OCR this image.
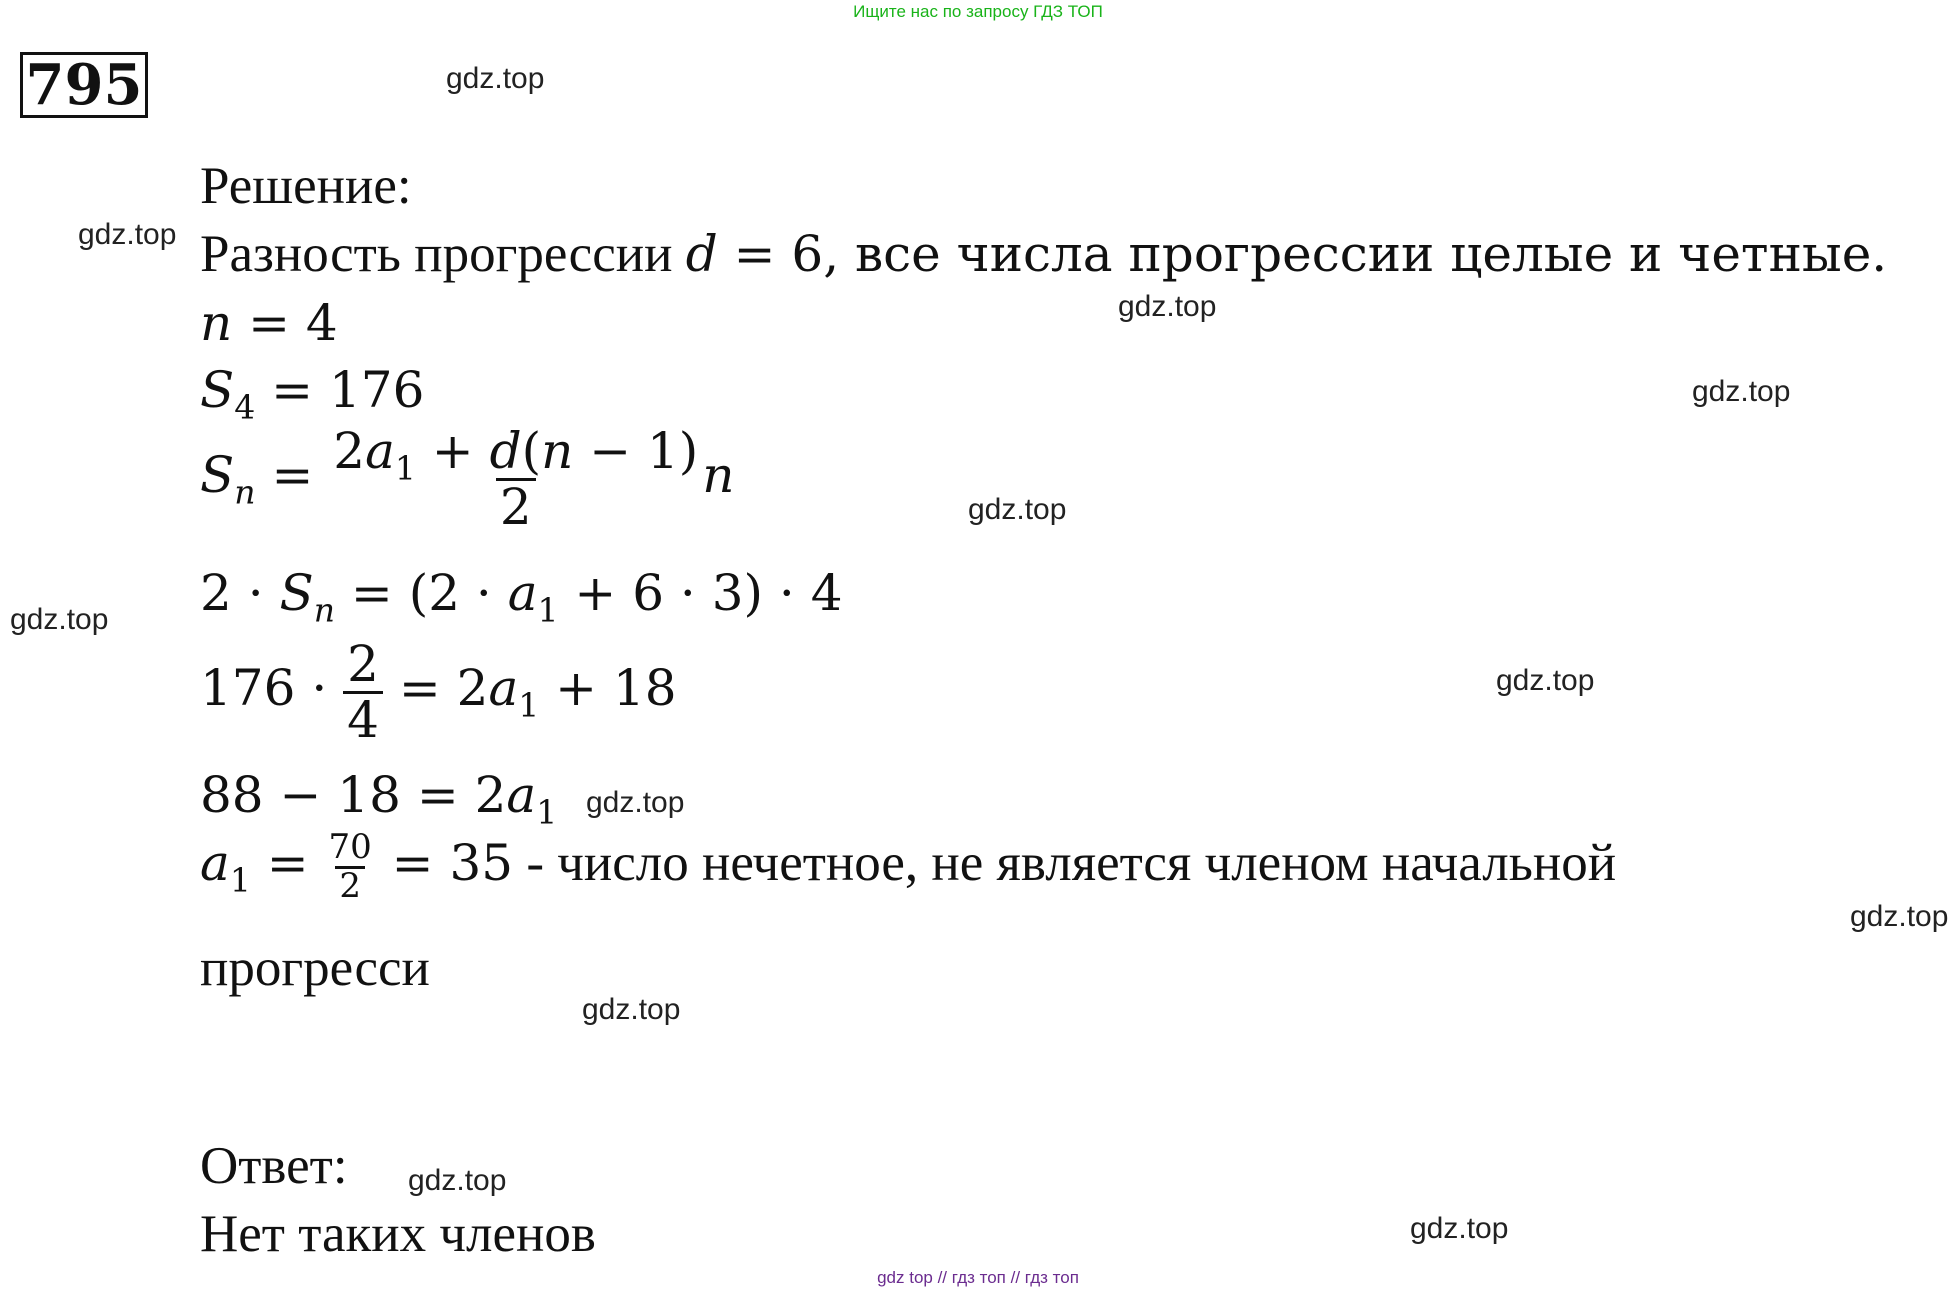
Ищите нас по запросу ГДЗ ТОП
795	gdz.top
gdz.top
gdz.top
gdz.top
gdz.top
gdz.top
gdz.top
gdz.top
gdz.top
gdz.top
gdz.top
gdz.top
Решение:
Разность прогрессии d = 6, все числа прогрессии целые и четные.
n = 4
$S_4 = 176$
$S_n = \frac{2a_1 + d(n - 1)}{2}$ n
$2 \cdot S_n = (2 \cdot a_1 + 6 \cdot 3) \cdot 4$
$176 \cdot \frac{2}{4} = 2a_1 + 18$
$88 - 18 = 2a_1$
$a_1 = \frac{70}{2} = 35$ - число нечетное, не является членом начальной
прогресси
Ответ:
Нет таких членов
gdz top // гдз топ // гдз топ
